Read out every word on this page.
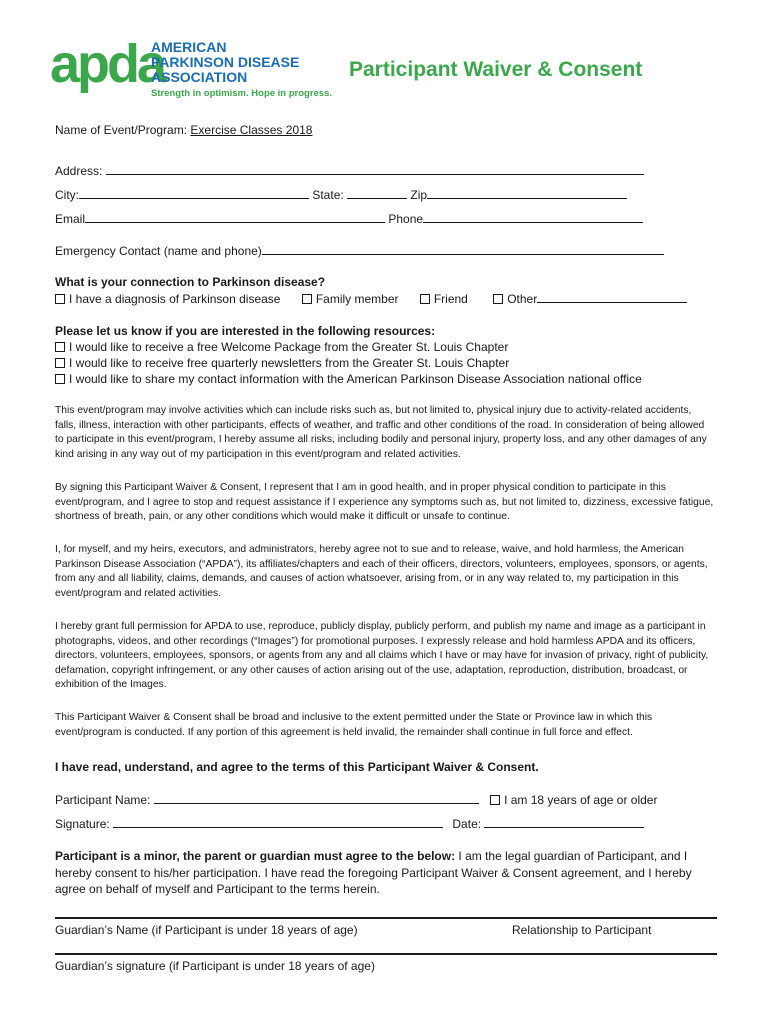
apda
AMERICAN
PARKINSON DISEASE
ASSOCIATION
Strength in optimism. Hope in progress.
Participant Waiver & Consent
Name of Event/Program: Exercise Classes 2018
Address:
City:	State:	Zip
Email	Phone
Emergency Contact (name and phone)
What is your connection to Parkinson disease?
I have a diagnosis of Parkinson disease	Family member	Friend	Other
Please let us know if you are interested in the following resources:
I would like to receive a free Welcome Package from the Greater St. Louis Chapter
I would like to receive free quarterly newsletters from the Greater St. Louis Chapter
I would like to share my contact information with the American Parkinson Disease Association national office
This event/program may involve activities which can include risks such as, but not limited to, physical injury due to activity-related accidents, falls, illness, interaction with other participants, effects of weather, and traffic and other conditions of the road. In consideration of being allowed to participate in this event/program, I hereby assume all risks, including bodily and personal injury, property loss, and any other damages of any kind arising in any way out of my participation in this event/program and related activities.
By signing this Participant Waiver & Consent, I represent that I am in good health, and in proper physical condition to participate in this event/program, and I agree to stop and request assistance if I experience any symptoms such as, but not limited to, dizziness, excessive fatigue, shortness of breath, pain, or any other conditions which would make it difficult or unsafe to continue.
I, for myself, and my heirs, executors, and administrators, hereby agree not to sue and to release, waive, and hold harmless, the American Parkinson Disease Association (“APDA”), its affiliates/chapters and each of their officers, directors, volunteers, employees, sponsors, or agents, from any and all liability, claims, demands, and causes of action whatsoever, arising from, or in any way related to, my participation in this event/program and related activities.
I hereby grant full permission for APDA to use, reproduce, publicly display, publicly perform, and publish my name and image as a participant in photographs, videos, and other recordings (“Images”) for promotional purposes. I expressly release and hold harmless APDA and its officers, directors, volunteers, employees, sponsors, or agents from any and all claims which I have or may have for invasion of privacy, right of publicity, defamation, copyright infringement, or any other causes of action arising out of the use, adaptation, reproduction, distribution, broadcast, or exhibition of the Images.
This Participant Waiver & Consent shall be broad and inclusive to the extent permitted under the State or Province law in which this event/program is conducted. If any portion of this agreement is held invalid, the remainder shall continue in full force and effect.
I have read, understand, and agree to the terms of this Participant Waiver & Consent.
Participant Name:	I am 18 years of age or older
Signature:	Date:
Participant is a minor, the parent or guardian must agree to the below: I am the legal guardian of Participant, and I hereby consent to his/her participation. I have read the foregoing Participant Waiver & Consent agreement, and I hereby agree on behalf of myself and Participant to the terms herein.
Guardian’s Name (if Participant is under 18 years of age)	Relationship to Participant
Guardian’s signature (if Participant is under 18 years of age)
